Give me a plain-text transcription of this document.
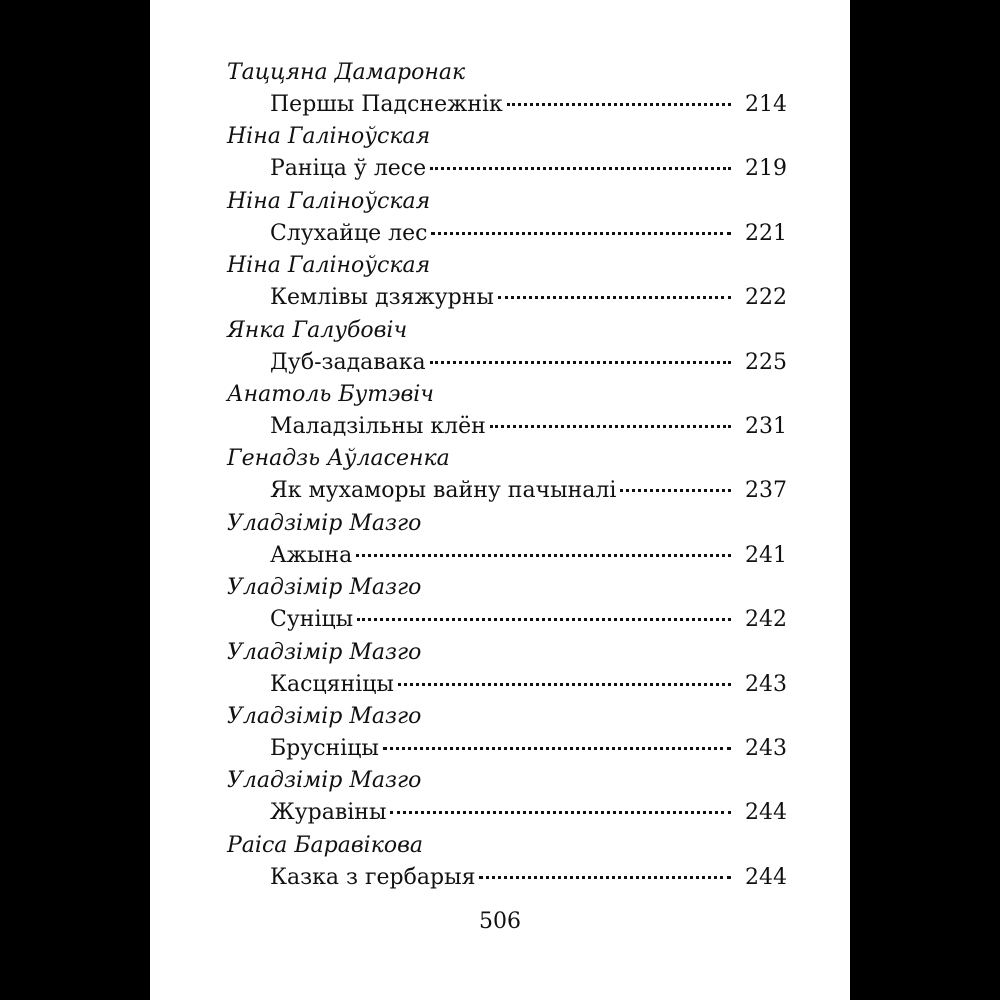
Таццяна Дамаронак
Першы Падснежнік	214
Ніна Галіноўская
Раніца ў лесе	219
Ніна Галіноўская
Слухайце лес	221
Ніна Галіноўская
Кемлівы дзяжурны	222
Янка Галубовіч
Дуб-задавака	225
Анатоль Бутэвіч
Маладзільны клён	231
Генадзь Аўласенка
Як мухаморы вайну пачыналі	237
Уладзімір Мазго
Ажына	241
Уладзімір Мазго
Суніцы	242
Уладзімір Мазго
Касцяніцы	243
Уладзімір Мазго
Брусніцы	243
Уладзімір Мазго
Журавіны	244
Раіса Баравікова
Казка з гербарыя	244
506
